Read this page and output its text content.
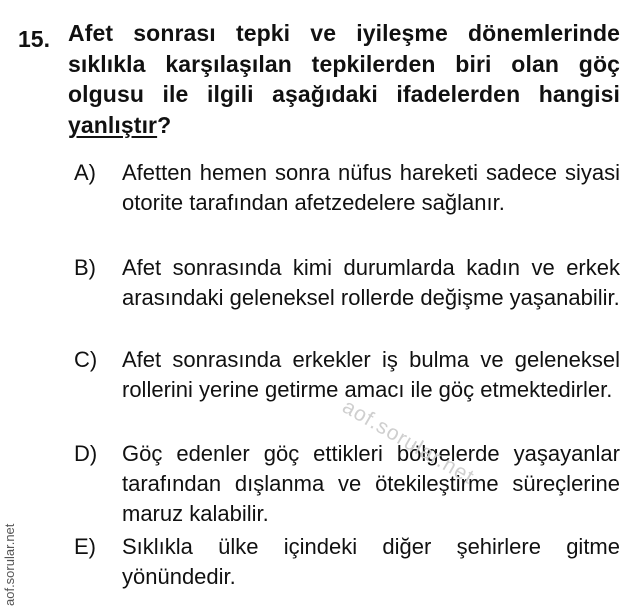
15. Afet sonrası tepki ve iyileşme dönemlerinde sıklıkla karşılaşılan tepkilerden biri olan göç olgusu ile ilgili aşağıdaki ifadelerden hangisi yanlıştır?
A) Afetten hemen sonra nüfus hareketi sadece siyasi otorite tarafından afetzedelere sağlanır.
B) Afet sonrasında kimi durumlarda kadın ve erkek arasındaki geleneksel rollerde değişme yaşanabilir.
C) Afet sonrasında erkekler iş bulma ve geleneksel rollerini yerine getirme amacı ile göç etmektedirler.
D) Göç edenler göç ettikleri bölgelerde yaşayanlar tarafından dışlanma ve ötekileştirme süreçlerine maruz kalabilir.
E) Sıklıkla ülke içindeki diğer şehirlere gitme yönündedir.
aof.sorular.net
aof.sorular.net
